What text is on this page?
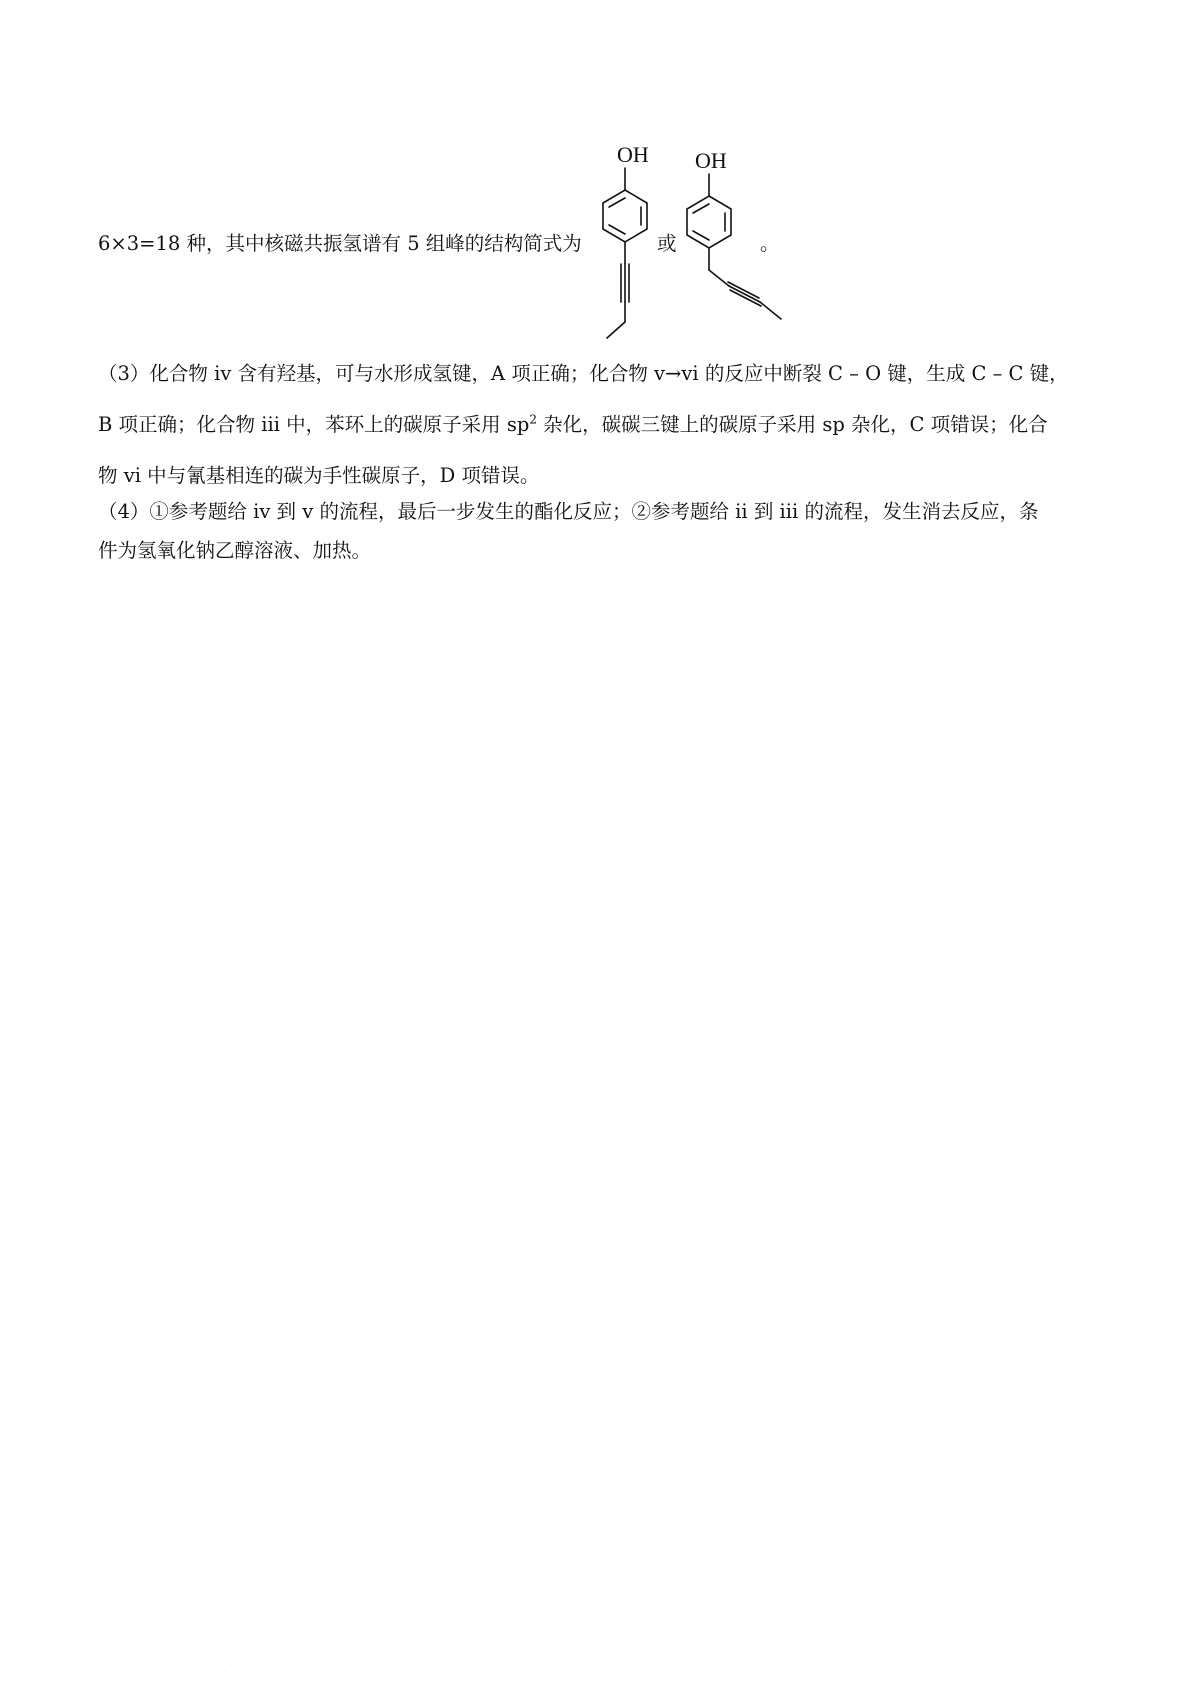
6×3=18 种，其中核磁共振氢谱有 5 组峰的结构简式为
OH
或
OH
。
（3）化合物 iv 含有羟基，可与水形成氢键，A 项正确；化合物 v→vi 的反应中断裂 C – O 键，生成 C – C 键，
B 项正确；化合物 iii 中，苯环上的碳原子采用 $sp^2$ 杂化，碳碳三键上的碳原子采用 sp 杂化，C 项错误；化合
物 vi 中与氰基相连的碳为手性碳原子，D 项错误。
（4）①参考题给 iv 到 v 的流程，最后一步发生的酯化反应；②参考题给 ii 到 iii 的流程，发生消去反应，条
件为氢氧化钠乙醇溶液、加热。
· · · ·
